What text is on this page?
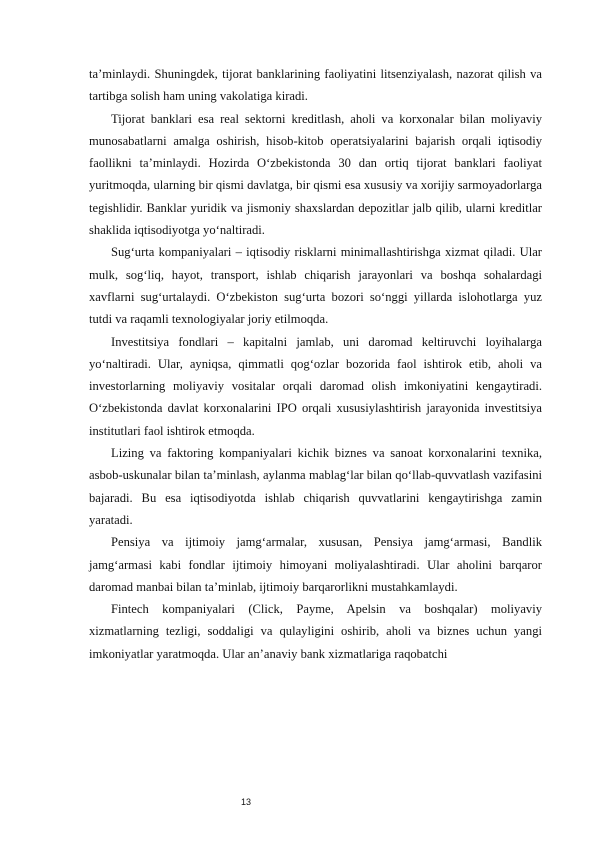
ta’minlaydi. Shuningdek, tijorat banklarining faoliyatini litsenziyalash, nazorat qilish va tartibga solish ham uning vakolatiga kiradi.

Tijorat banklari esa real sektorni kreditlash, aholi va korxonalar bilan moliyaviy munosabatlarni amalga oshirish, hisob-kitob operatsiyalarini bajarish orqali iqtisodiy faollikni ta’minlaydi. Hozirda O‘zbekistonda 30 dan ortiq tijorat banklari faoliyat yuritmoqda, ularning bir qismi davlatga, bir qismi esa xususiy va xorijiy sarmoyadorlarga tegishlidir. Banklar yuridik va jismoniy shaxslardan depozitlar jalb qilib, ularni kreditlar shaklida iqtisodiyotga yo‘naltiradi.

Sug‘urta kompaniyalari – iqtisodiy risklarni minimallashtirishga xizmat qiladi. Ular mulk, sog‘liq, hayot, transport, ishlab chiqarish jarayonlari va boshqa sohalardagi xavflarni sug‘urtalaydi. O‘zbekiston sug‘urta bozori so‘nggi yillarda islohotlarga yuz tutdi va raqamli texnologiyalar joriy etilmoqda.

Investitsiya fondlari – kapitalni jamlab, uni daromad keltiruvchi loyihalarga yo‘naltiradi. Ular, ayniqsa, qimmatli qog‘ozlar bozorida faol ishtirok etib, aholi va investorlarning moliyaviy vositalar orqali daromad olish imkoniyatini kengaytiradi. O‘zbekistonda davlat korxonalarini IPO orqali xususiylashtirish jarayonida investitsiya institutlari faol ishtirok etmoqda.

Lizing va faktoring kompaniyalari kichik biznes va sanoat korxonalarini texnika, asbob-uskunalar bilan ta’minlash, aylanma mablag‘lar bilan qo‘llab-quvvatlash vazifasini bajaradi. Bu esa iqtisodiyotda ishlab chiqarish quvvatlarini kengaytirishga zamin yaratadi.

Pensiya va ijtimoiy jamg‘armalar, xususan, Pensiya jamg‘armasi, Bandlik jamg‘armasi kabi fondlar ijtimoiy himoyani moliyalashtiradi. Ular aholini barqaror daromad manbai bilan ta’minlab, ijtimoiy barqarorlikni mustahkamlaydi.

Fintech kompaniyalari (Click, Payme, Apelsin va boshqalar) moliyaviy xizmatlarning tezligi, soddaligi va qulayligini oshirib, aholi va biznes uchun yangi imkoniyatlar yaratmoqda. Ular an’anaviy bank xizmatlariga raqobatchi

13
